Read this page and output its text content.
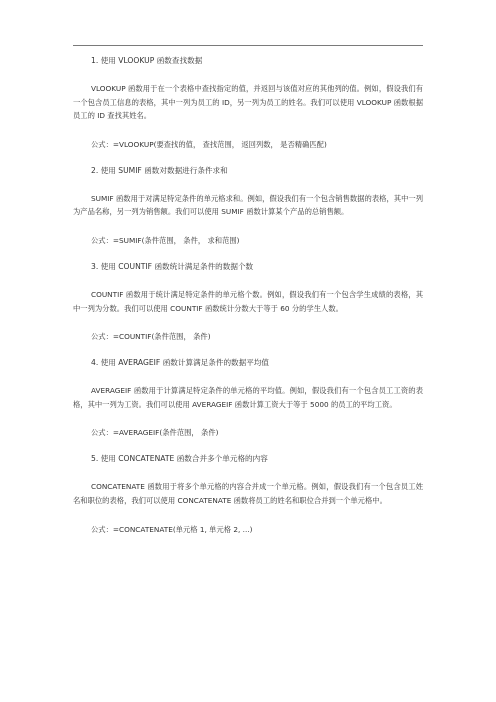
1. 使用 VLOOKUP 函数查找数据

VLOOKUP 函数用于在一个表格中查找指定的值，并返回与该值对应的其他列的值。例如，假设我们有一个包含员工信息的表格，其中一列为员工的 ID，另一列为员工的姓名。我们可以使用 VLOOKUP 函数根据员工的 ID 查找其姓名。

公式：=VLOOKUP(要查找的值， 查找范围， 返回列数， 是否精确匹配)

2. 使用 SUMIF 函数对数据进行条件求和

SUMIF 函数用于对满足特定条件的单元格求和。例如，假设我们有一个包含销售数据的表格，其中一列为产品名称，另一列为销售额。我们可以使用 SUMIF 函数计算某个产品的总销售额。

公式：=SUMIF(条件范围， 条件， 求和范围)

3. 使用 COUNTIF 函数统计满足条件的数据个数

COUNTIF 函数用于统计满足特定条件的单元格个数。例如，假设我们有一个包含学生成绩的表格，其中一列为分数。我们可以使用 COUNTIF 函数统计分数大于等于 60 分的学生人数。

公式：=COUNTIF(条件范围， 条件)

4. 使用 AVERAGEIF 函数计算满足条件的数据平均值

AVERAGEIF 函数用于计算满足特定条件的单元格的平均值。例如，假设我们有一个包含员工工资的表格，其中一列为工资。我们可以使用 AVERAGEIF 函数计算工资大于等于 5000 的员工的平均工资。

公式：=AVERAGEIF(条件范围， 条件)

5. 使用 CONCATENATE 函数合并多个单元格的内容

CONCATENATE 函数用于将多个单元格的内容合并成一个单元格。例如，假设我们有一个包含员工姓名和职位的表格，我们可以使用 CONCATENATE 函数将员工的姓名和职位合并到一个单元格中。

公式：=CONCATENATE(单元格 1, 单元格 2, ...)
